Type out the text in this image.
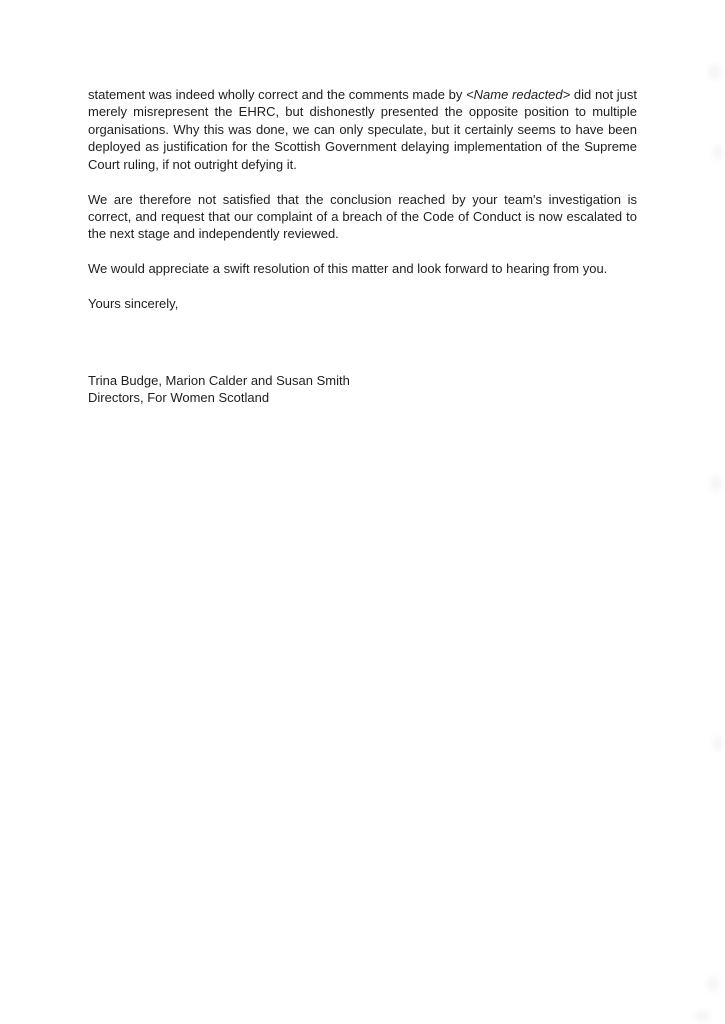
statement was indeed wholly correct and the comments made by <Name redacted> did not just merely misrepresent the EHRC, but dishonestly presented the opposite position to multiple organisations. Why this was done, we can only speculate, but it certainly seems to have been deployed as justification for the Scottish Government delaying implementation of the Supreme Court ruling, if not outright defying it.

We are therefore not satisfied that the conclusion reached by your team's investigation is correct, and request that our complaint of a breach of the Code of Conduct is now escalated to the next stage and independently reviewed.

We would appreciate a swift resolution of this matter and look forward to hearing from you.

Yours sincerely,

Trina Budge, Marion Calder and Susan Smith
Directors, For Women Scotland
